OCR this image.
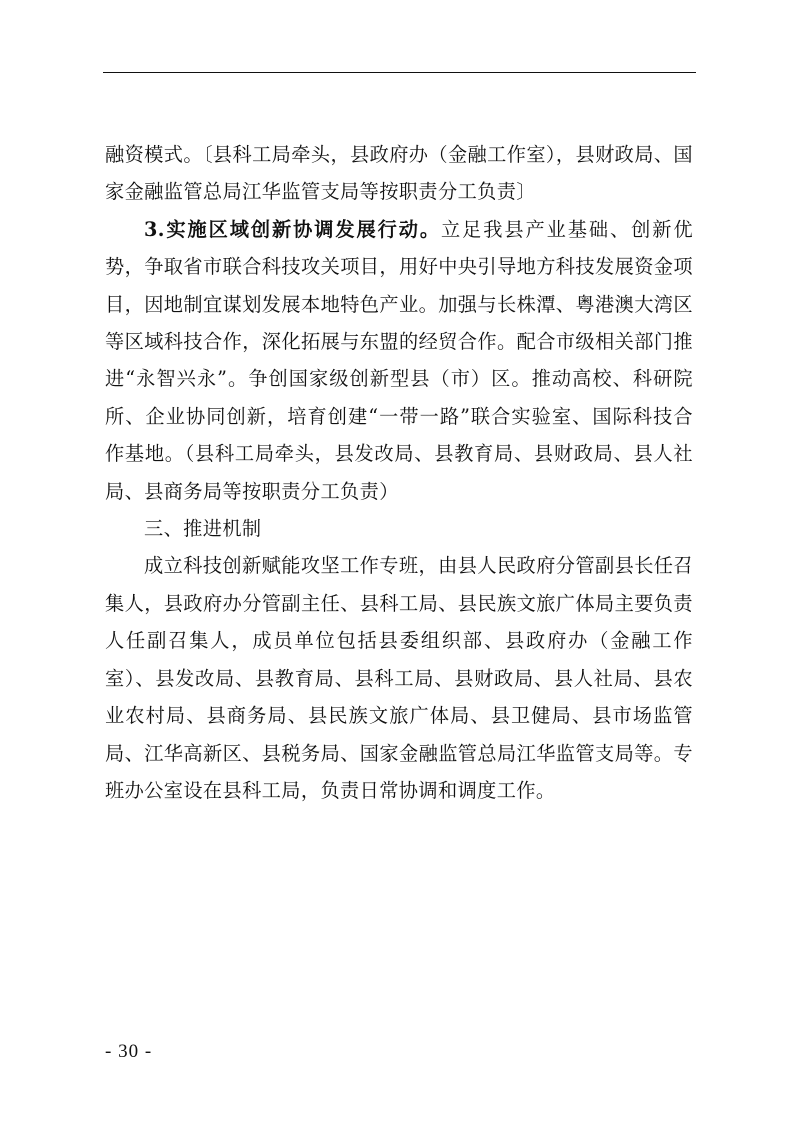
融资模式。〔县科工局牵头，县政府办（金融工作室），县财政局、国家金融监管总局江华监管支局等按职责分工负责〕

3.实施区域创新协调发展行动。立足我县产业基础、创新优势，争取省市联合科技攻关项目，用好中央引导地方科技发展资金项目，因地制宜谋划发展本地特色产业。加强与长株潭、粤港澳大湾区等区域科技合作，深化拓展与东盟的经贸合作。配合市级相关部门推进“永智兴永”。争创国家级创新型县（市）区。推动高校、科研院所、企业协同创新，培育创建“一带一路”联合实验室、国际科技合作基地。（县科工局牵头，县发改局、县教育局、县财政局、县人社局、县商务局等按职责分工负责）

三、推进机制

成立科技创新赋能攻坚工作专班，由县人民政府分管副县长任召集人，县政府办分管副主任、县科工局、县民族文旅广体局主要负责人任副召集人，成员单位包括县委组织部、县政府办（金融工作室）、县发改局、县教育局、县科工局、县财政局、县人社局、县农业农村局、县商务局、县民族文旅广体局、县卫健局、县市场监管局、江华高新区、县税务局、国家金融监管总局江华监管支局等。专班办公室设在县科工局，负责日常协调和调度工作。

- 30 -
